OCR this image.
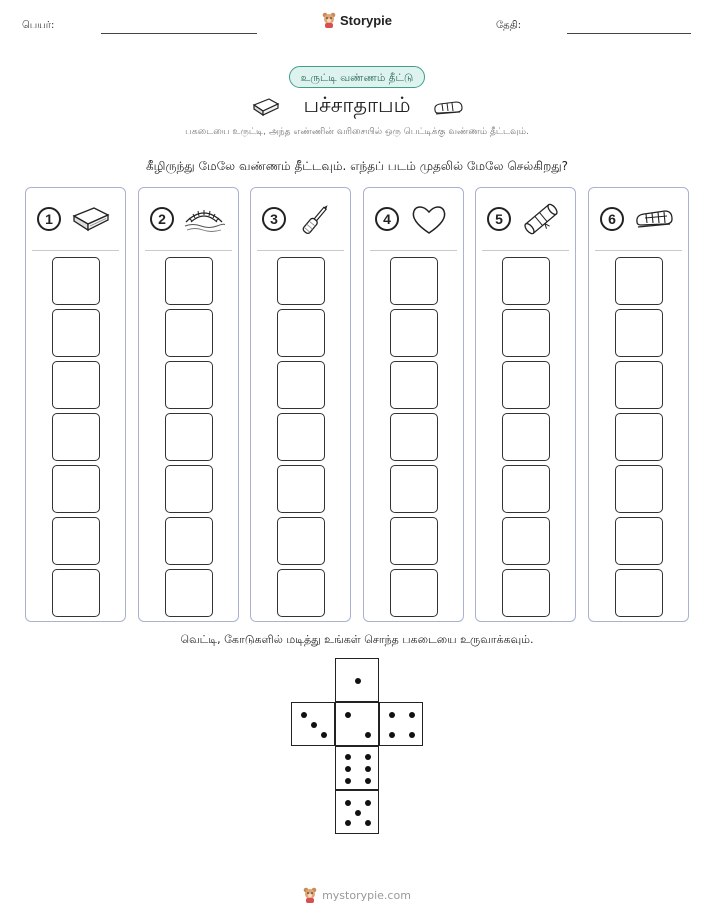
பெயர்:	Storypie	தேதி:
உருட்டி வண்ணம் தீட்டு
பச்சாதாபம்
பகடையை உருட்டி, அந்த எண்ணின் வரிசையில் ஒரு பெட்டிக்கு வண்ணம் தீட்டவும்.
கீழிருந்து மேலே வண்ணம் தீட்டவும். எந்தப் படம் முதலில் மேலே செல்கிறது?
1	2	3	4	5	6
வெட்டி, கோடுகளில் மடித்து உங்கள் சொந்த பகடையை உருவாக்கவும்.
mystorypie.com
